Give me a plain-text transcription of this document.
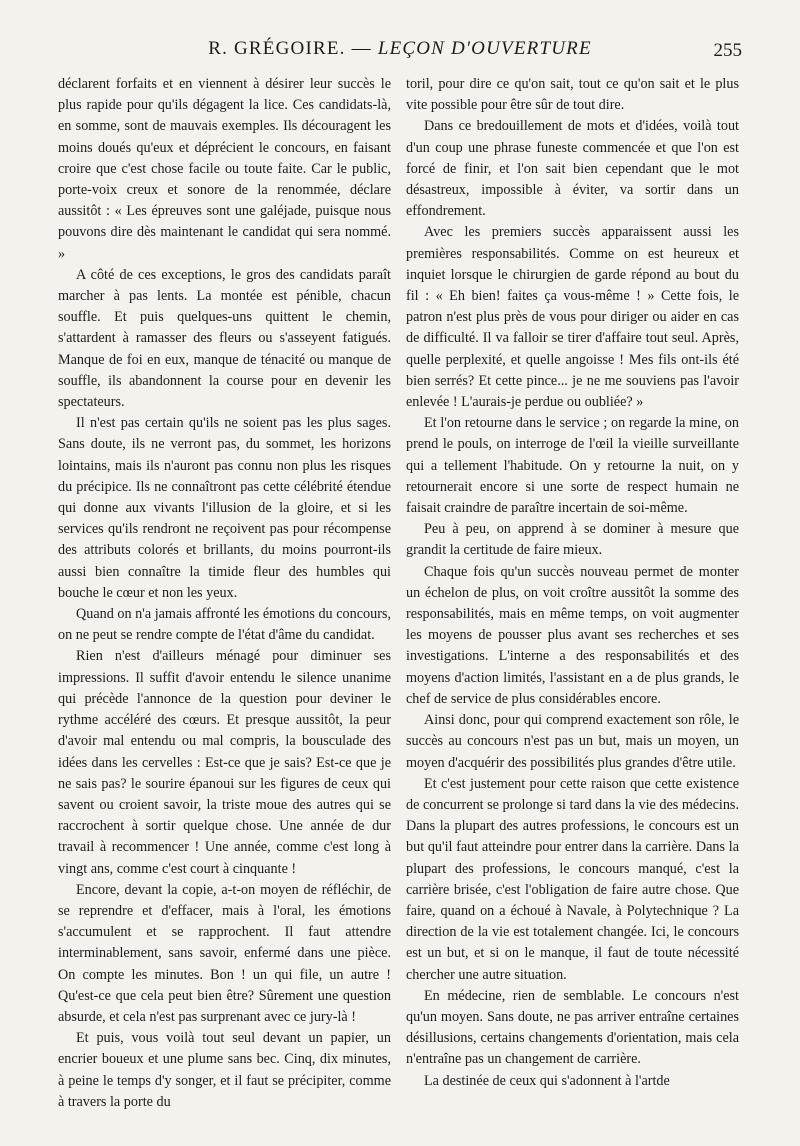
R. GRÉGOIRE. — LEÇON D'OUVERTURE	255

déclarent forfaits et en viennent à désirer leur succès le plus rapide pour qu'ils dégagent la lice. Ces candidats-là, en somme, sont de mauvais exemples. Ils découragent les moins doués qu'eux et déprécient le concours, en faisant croire que c'est chose facile ou toute faite. Car le public, porte-voix creux et sonore de la renommée, déclare aussitôt : « Les épreuves sont une galéjade, puisque nous pouvons dire dès maintenant le candidat qui sera nommé. »

A côté de ces exceptions, le gros des candidats paraît marcher à pas lents. La montée est pénible, chacun souffle. Et puis quelques-uns quittent le chemin, s'attardent à ramasser des fleurs ou s'asseyent fatigués. Manque de foi en eux, manque de ténacité ou manque de souffle, ils abandonnent la course pour en devenir les spectateurs.

Il n'est pas certain qu'ils ne soient pas les plus sages. Sans doute, ils ne verront pas, du sommet, les horizons lointains, mais ils n'auront pas connu non plus les risques du précipice. Ils ne connaîtront pas cette célébrité étendue qui donne aux vivants l'illusion de la gloire, et si les services qu'ils rendront ne reçoivent pas pour récompense des attributs colorés et brillants, du moins pourront-ils aussi bien connaître la timide fleur des humbles qui bouche le cœur et non les yeux.

Quand on n'a jamais affronté les émotions du concours, on ne peut se rendre compte de l'état d'âme du candidat.

Rien n'est d'ailleurs ménagé pour diminuer ses impressions. Il suffit d'avoir entendu le silence unanime qui précède l'annonce de la question pour deviner le rythme accéléré des cœurs. Et presque aussitôt, la peur d'avoir mal entendu ou mal compris, la bousculade des idées dans les cervelles : Est-ce que je sais? Est-ce que je ne sais pas? le sourire épanoui sur les figures de ceux qui savent ou croient savoir, la triste moue des autres qui se raccrochent à sortir quelque chose. Une année de dur travail à recommencer ! Une année, comme c'est long à vingt ans, comme c'est court à cinquante !

Encore, devant la copie, a-t-on moyen de réfléchir, de se reprendre et d'effacer, mais à l'oral, les émotions s'accumulent et se rapprochent. Il faut attendre interminablement, sans savoir, enfermé dans une pièce. On compte les minutes. Bon ! un qui file, un autre ! Qu'est-ce que cela peut bien être? Sûrement une question absurde, et cela n'est pas surprenant avec ce jury-là !

Et puis, vous voilà tout seul devant un papier, un encrier boueux et une plume sans bec. Cinq, dix minutes, à peine le temps d'y songer, et il faut se précipiter, comme à travers la porte du

toril, pour dire ce qu'on sait, tout ce qu'on sait et le plus vite possible pour être sûr de tout dire.

Dans ce bredouillement de mots et d'idées, voilà tout d'un coup une phrase funeste commencée et que l'on est forcé de finir, et l'on sait bien cependant que le mot désastreux, impossible à éviter, va sortir dans un effondrement.

Avec les premiers succès apparaissent aussi les premières responsabilités. Comme on est heureux et inquiet lorsque le chirurgien de garde répond au bout du fil : « Eh bien! faites ça vous-même ! » Cette fois, le patron n'est plus près de vous pour diriger ou aider en cas de difficulté. Il va falloir se tirer d'affaire tout seul. Après, quelle perplexité, et quelle angoisse ! Mes fils ont-ils été bien serrés? Et cette pince... je ne me souviens pas l'avoir enlevée ! L'aurais-je perdue ou oubliée? »

Et l'on retourne dans le service ; on regarde la mine, on prend le pouls, on interroge de l'œil la vieille surveillante qui a tellement l'habitude. On y retourne la nuit, on y retournerait encore si une sorte de respect humain ne faisait craindre de paraître incertain de soi-même.

Peu à peu, on apprend à se dominer à mesure que grandit la certitude de faire mieux.

Chaque fois qu'un succès nouveau permet de monter un échelon de plus, on voit croître aussitôt la somme des responsabilités, mais en même temps, on voit augmenter les moyens de pousser plus avant ses recherches et ses investigations. L'interne a des responsabilités et des moyens d'action limités, l'assistant en a de plus grands, le chef de service de plus considérables encore.

Ainsi donc, pour qui comprend exactement son rôle, le succès au concours n'est pas un but, mais un moyen, un moyen d'acquérir des possibilités plus grandes d'être utile.

Et c'est justement pour cette raison que cette existence de concurrent se prolonge si tard dans la vie des médecins. Dans la plupart des autres professions, le concours est un but qu'il faut atteindre pour entrer dans la carrière. Dans la plupart des professions, le concours manqué, c'est la carrière brisée, c'est l'obligation de faire autre chose. Que faire, quand on a échoué à Navale, à Polytechnique ? La direction de la vie est totalement changée. Ici, le concours est un but, et si on le manque, il faut de toute nécessité chercher une autre situation.

En médecine, rien de semblable. Le concours n'est qu'un moyen. Sans doute, ne pas arriver entraîne certaines désillusions, certains changements d'orientation, mais cela n'entraîne pas un changement de carrière.

La destinée de ceux qui s'adonnent à l'artde
